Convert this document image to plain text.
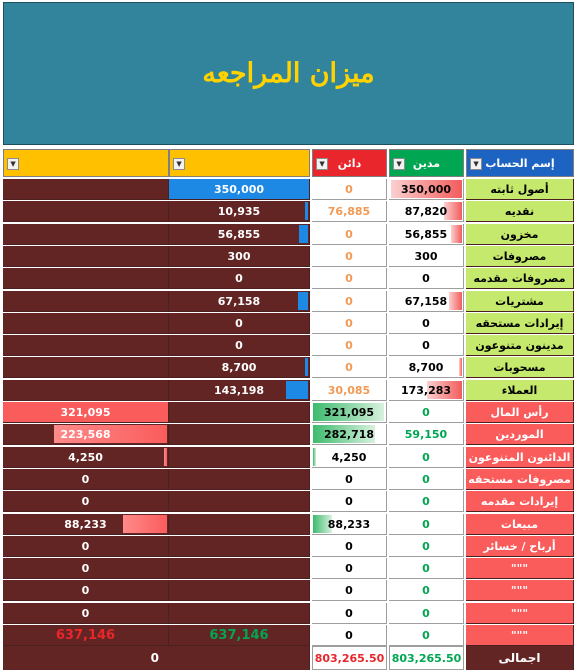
ميزان المراجعه
▼	▼	دائن
▼	مدين
▼	إسم الحساب
▼
350,000	0	350,000	أصول ثابته
10,935	76,885	87,820	نقديه
56,855	0	56,855	مخزون
300	0	300	مصروفات
0	0	0	مصروفات مقدمه
67,158	0	67,158	مشتريات
0	0	0	إيرادات مستحقه
0	0	0	مدينون متنوعون
8,700	0	8,700	مسحوبات
143,198	30,085	173,283	العملاء
321,095	321,095	0	رأس المال
223,568	282,718	59,150	الموردين
4,250	4,250	0	الدائنون المتنوعون
0	0	0	مصروفات مستحقه
0	0	0	إيرادات مقدمه
88,233	88,233	0	مبيعات
0	0	0	أرباح / خسائر
0	0	0	"""
0	0	0	"""
0	0	0	"""
637,146	637,146	0	0	"""
0	803,265.50 803,265.50	اجمالى
